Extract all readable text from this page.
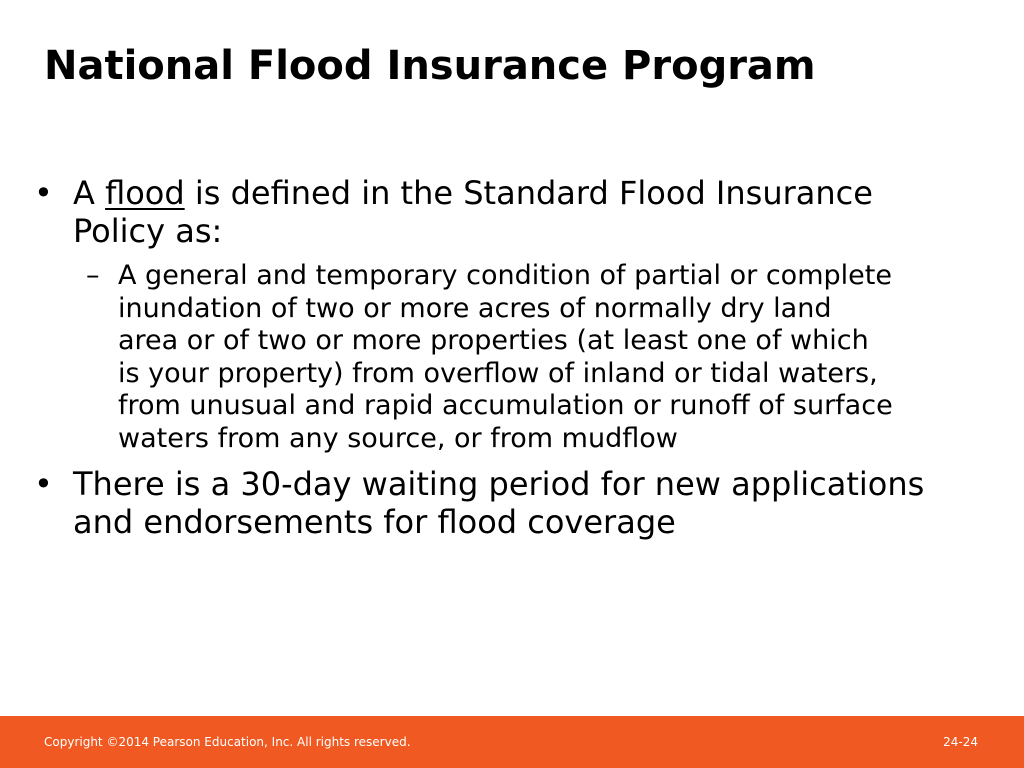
National Flood Insurance Program
• A flood is defined in the Standard Flood Insurance Policy as:
– A general and temporary condition of partial or complete inundation of two or more acres of normally dry land area or of two or more properties (at least one of which is your property) from overflow of inland or tidal waters, from unusual and rapid accumulation or runoff of surface waters from any source, or from mudflow
• There is a 30-day waiting period for new applications and endorsements for flood coverage
Copyright ©2014 Pearson Education, Inc. All rights reserved.	24-24
